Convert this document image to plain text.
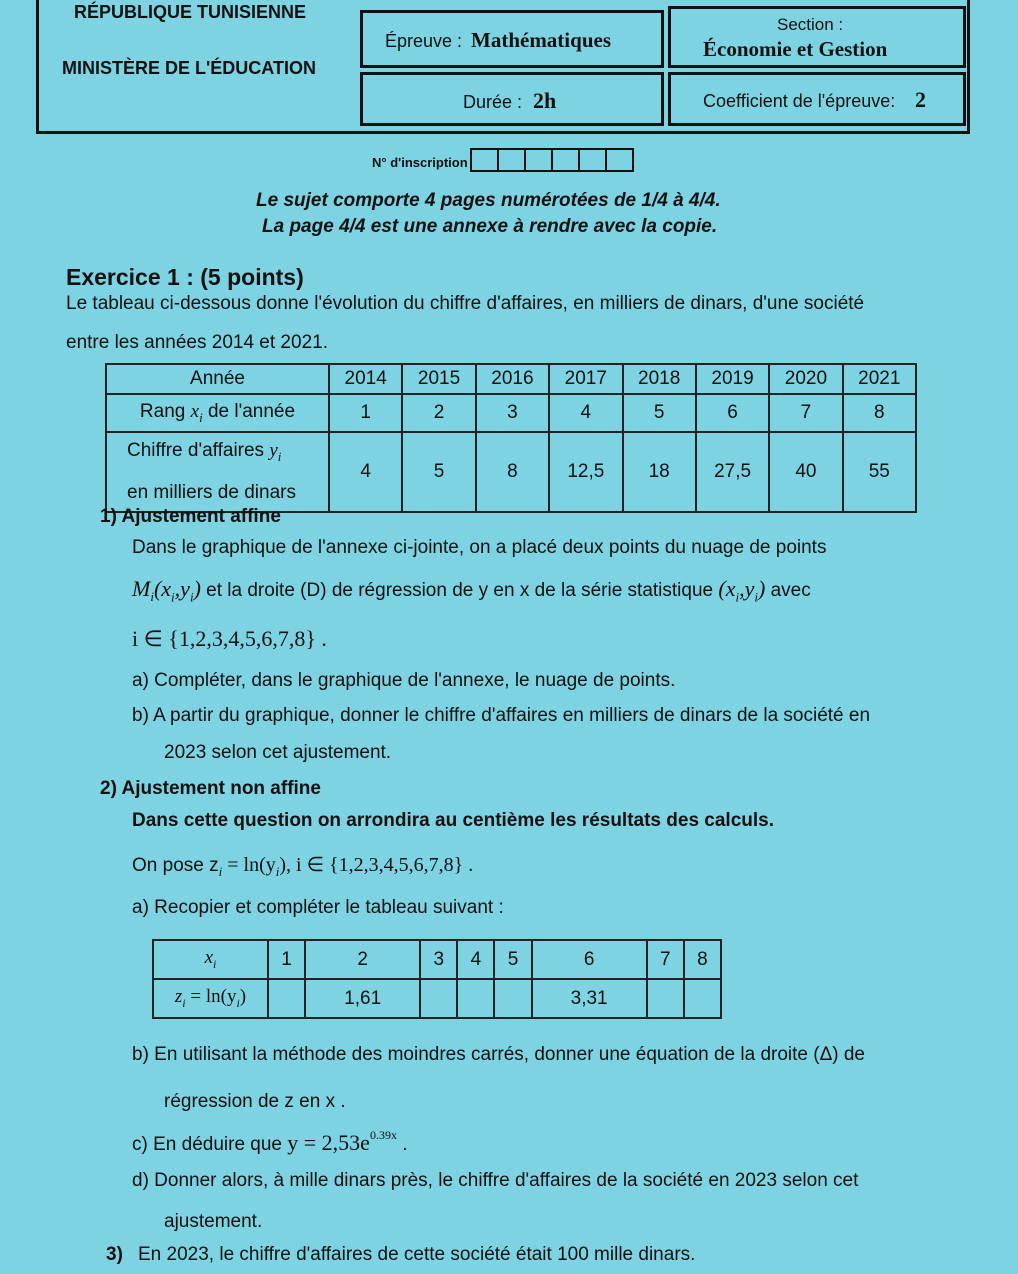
RÉPUBLIQUE TUNISIENNE
MINISTÈRE DE L'ÉDUCATION
Épreuve : Mathématiques
Section :
Économie et Gestion
Durée : 2h	Coefficient de l'épreuve: 2
N° d'inscription
Le sujet comporte 4 pages numérotées de 1/4 à 4/4.
La page 4/4 est une annexe à rendre avec la copie.
Exercice 1 : (5 points)
Le tableau ci-dessous donne l'évolution du chiffre d'affaires, en milliers de dinars, d'une société
entre les années 2014 et 2021.
Année	2014	2015	2016	2017	2018	2019	2020	2021
Rang $x_i$ de l'année	1	2	3	4	5	6	7	8
Chiffre d'affaires $y_i$
en milliers de dinars	4	5	8	12,5	18	27,5	40	55
1) Ajustement affine
Dans le graphique de l'annexe ci-jointe, on a placé deux points du nuage de points
$M_i(x_i,y_i)$ et la droite (D) de régression de y en x de la série statistique $(x_i,y_i)$ avec
i ∈ {1,2,3,4,5,6,7,8} .
a) Compléter, dans le graphique de l'annexe, le nuage de points.
b) A partir du graphique, donner le chiffre d'affaires en milliers de dinars de la société en
2023 selon cet ajustement.
2) Ajustement non affine
Dans cette question on arrondira au centième les résultats des calculs.
On pose $z_i = \ln(y_i)$, i ∈ {1,2,3,4,5,6,7,8} .
a) Recopier et compléter le tableau suivant :
$x_i$	1	2	3	4	5	6	7	8
$z_i = \ln(y_i)$		1,61				3,31		
b) En utilisant la méthode des moindres carrés, donner une équation de la droite (Δ) de
régression de z en x .
c) En déduire que $y = 2,53e^{0.39x}$ .
d) Donner alors, à mille dinars près, le chiffre d'affaires de la société en 2023 selon cet
ajustement.
3) En 2023, le chiffre d'affaires de cette société était 100 mille dinars.
